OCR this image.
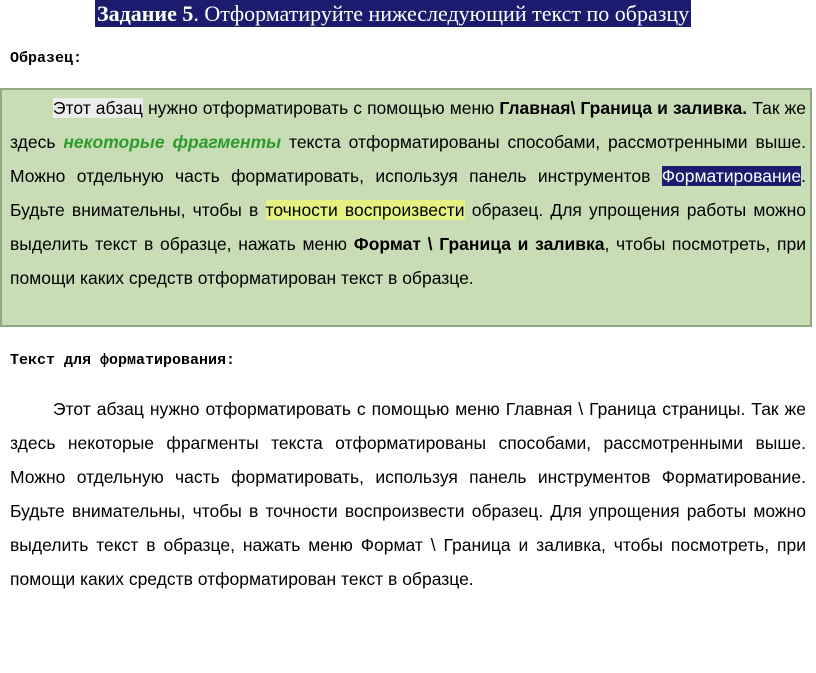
Задание 5. Отформатируйте нижеследующий текст по образцу
Образец:

Этот абзац нужно отформатировать с помощью меню Главная\ Граница и заливка. Так же здесь некоторые фрагменты текста отформатированы способами, рассмотренными выше. Можно отдельную часть форматировать, используя панель инструментов Форматирование. Будьте внимательны, чтобы в точности воспроизвести образец. Для упрощения работы можно выделить текст в образце, нажать меню Формат \ Граница и заливка, чтобы посмотреть, при помощи каких средств отформатирован текст в образце.

Текст для форматирования:

Этот абзац нужно отформатировать с помощью меню Главная \ Граница страницы. Так же здесь некоторые фрагменты текста отформатированы способами, рассмотренными выше. Можно отдельную часть форматировать, используя панель инструментов Форматирование. Будьте внимательны, чтобы в точности воспроизвести образец. Для упрощения работы можно выделить текст в образце, нажать меню Формат \ Граница и заливка, чтобы посмотреть, при помощи каких средств отформатирован текст в образце.
